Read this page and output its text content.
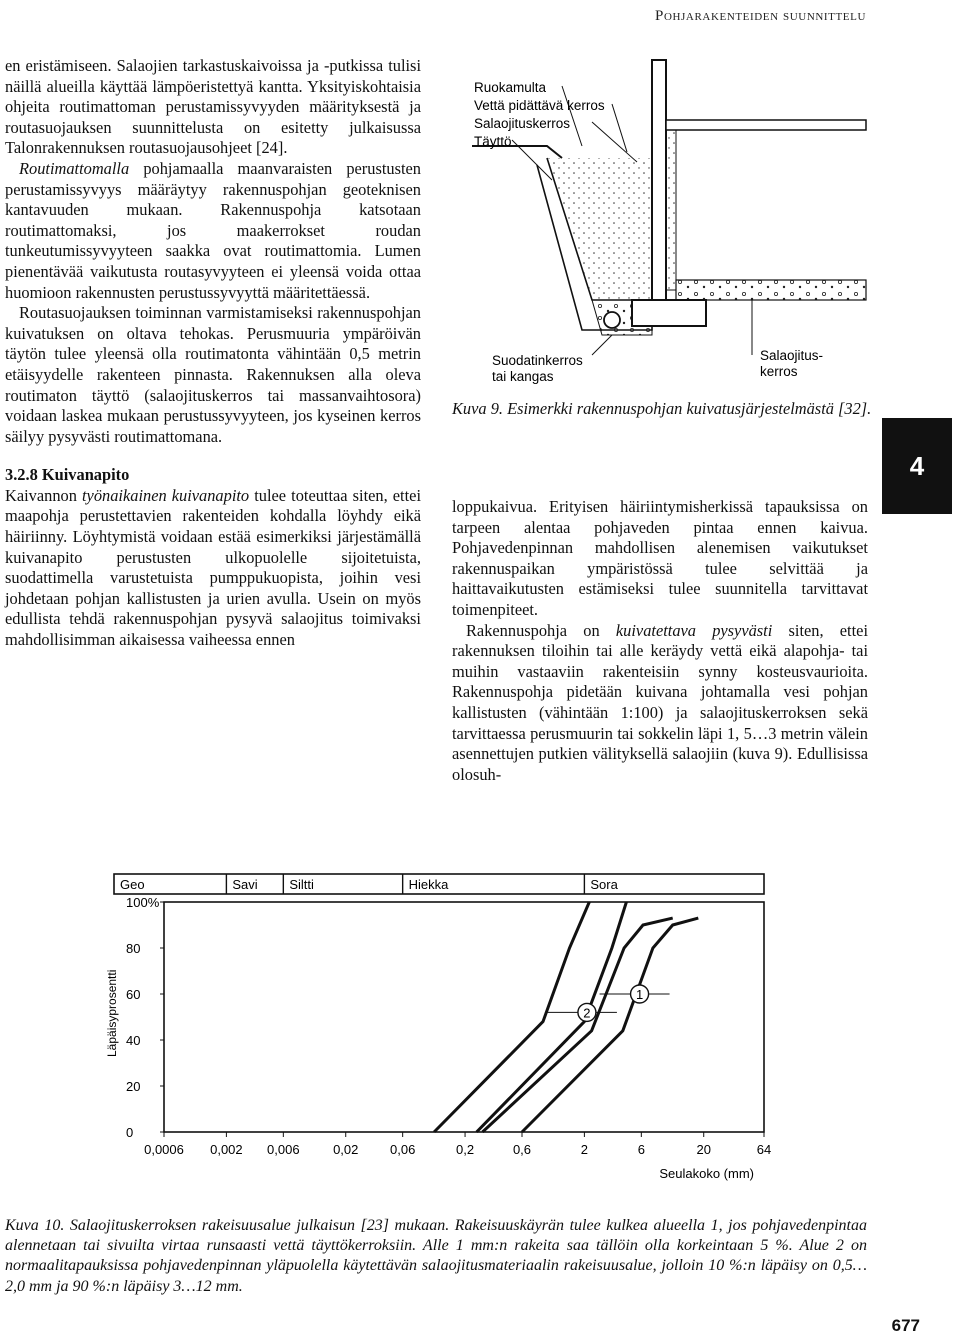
Pohjarakenteiden suunnittelu

en eristämiseen. Salaojien tarkastuskaivoissa ja -putkissa tulisi näillä alueilla käyttää lämpöeristettyä kantta. Yksityiskohtaisia ohjeita routimattoman perustamissyvyyden määrityksestä ja routasuojauksen suunnittelusta on esitetty julkaisussa Talonrakennuksen routasuojausohjeet [24].

Routimattomalla pohjamaalla maanvaraisten perustusten perustamissyvyys määräytyy rakennuspohjan geoteknisen kantavuuden mukaan. Rakennuspohja katsotaan routimattomaksi, jos maakerrokset roudan tunkeutumissyvyyteen saakka ovat routimattomia. Lumen pienentävää vaikutusta routasyvyyteen ei yleensä voida ottaa huomioon rakennusten perustussyvyyttä määritettäessä.

Routasuojauksen toiminnan varmistamiseksi rakennuspohjan kuivatuksen on oltava tehokas. Perusmuuria ympäröivän täytön tulee yleensä olla routimatonta vähintään 0,5 metrin etäisyydelle rakenteen pinnasta. Rakennuksen alla oleva routimaton täyttö (salaojituskerros tai massanvaihtosora) voidaan laskea mukaan perustussyvyyteen, jos kyseinen kerros säilyy pysyvästi routimattomana.

3.2.8 Kuivanapito

Kaivannon työnaikainen kuivanapito tulee toteuttaa siten, ettei maapohja perustettavien rakenteiden kohdalla löyhdy eikä häiriinny. Löyhtymistä voidaan estää esimerkiksi järjestämällä kuivanapito perustusten ulkopuolelle sijoitetuista, suodattimella varustetuista pumppukuopista, joihin vesi johdetaan pohjan kallistusten ja urien avulla. Usein on myös edullista tehdä rakennuspohjan pysyvä salaojitus toimivaksi mahdollisimman aikaisessa vaiheessa ennen

Ruokamulta
Vettä pidättävä kerros
Salaojituskerros
Täyttö
Suodatinkerros
tai kangas
Salaojitus-
kerros
Kuva 9. Esimerkki rakennuspohjan kuivatusjärjestelmästä [32].
4

loppukaivua. Erityisen häiriintymisherkissä tapauksissa on tarpeen alentaa pohjaveden pintaa ennen kaivua. Pohjavedenpinnan mahdollisen alenemisen vaikutukset rakennuspaikan ympäristössä tulee selvittää ja haittavaikutusten estämiseksi tulee suunnitella tarvittavat toimenpiteet.

Rakennuspohja on kuivatettava pysyvästi siten, ettei rakennuksen tiloihin tai alle keräydy vettä eikä alapohja- tai muihin vastaaviin rakenteisiin synny kosteusvaurioita. Rakennuspohja pidetään kuivana johtamalla vesi pohjan kallistusten (vähintään 1:100) ja salaojituskerroksen sekä tarvittaessa perusmuurin tai sokkelin läpi 1, 5…3 metrin välein asennettujen putkien välityksellä salaojiin (kuva 9). Edullisissa olosuh-

Geo	Savi Siltti	Hiekka	Sora
0
20
40
60
80
100%
Läpäisyprosentti
0,0006 0,002 0,006	0,02 0,06	0,2	0,6	2	6	20	64
Seulakoko (mm)
1
2
Kuva 10. Salaojituskerroksen rakeisuusalue julkaisun [23] mukaan. Rakeisuuskäyrän tulee kulkea alueella 1, jos pohjavedenpintaa alennetaan tai sivuilta virtaa runsaasti vettä täyttökerroksiin. Alle 1 mm:n rakeita saa tällöin olla korkeintaan 5 %. Alue 2 on normaalitapauksissa pohjavedenpinnan yläpuolella käytettävän salaojitusmateriaalin rakeisuusalue, jolloin 10 %:n läpäisy on 0,5…2,0 mm ja 90 %:n läpäisy 3…12 mm.
677
